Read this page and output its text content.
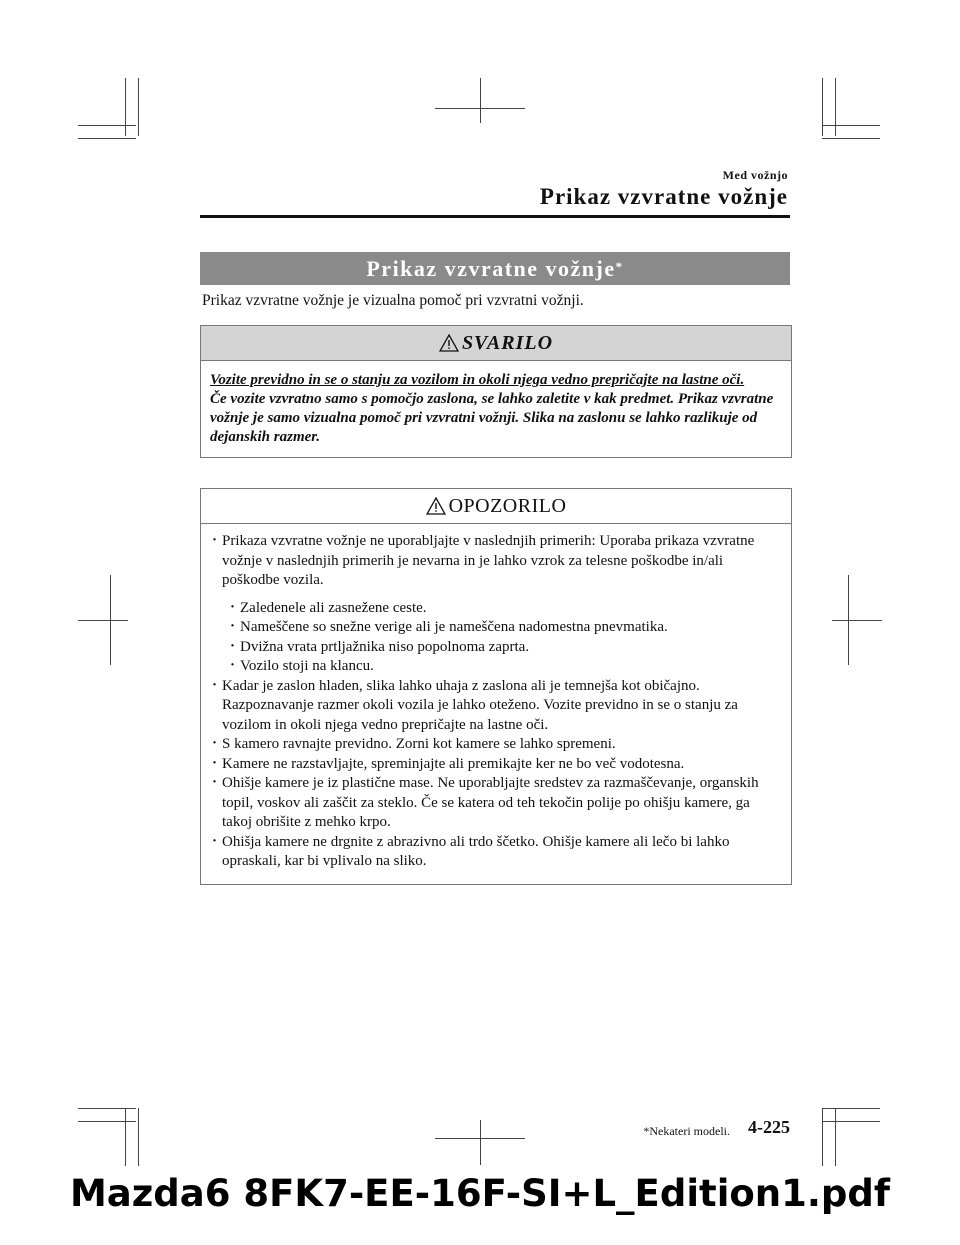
Med vožnjo
Prikaz vzvratne vožnje
Prikaz vzvratne vožnje*
Prikaz vzvratne vožnje je vizualna pomoč pri vzvratni vožnji.
SVARILO

Vozite previdno in se o stanju za vozilom in okoli njega vedno prepričajte na lastne oči.

Če vozite vzvratno samo s pomočjo zaslona, se lahko zaletite v kak predmet. Prikaz vzvratne vožnje je samo vizualna pomoč pri vzvratni vožnji. Slika na zaslonu se lahko razlikuje od dejanskih razmer.

OPOZORILO

· Prikaza vzvratne vožnje ne uporabljajte v naslednjih primerih: Uporaba prikaza vzvratne vožnje v naslednjih primerih je nevarna in je lahko vzrok za telesne poškodbe in/ali poškodbe vozila.

· Zaledenele ali zasnežene ceste.

· Nameščene so snežne verige ali je nameščena nadomestna pnevmatika.

· Dvižna vrata prtljažnika niso popolnoma zaprta.

· Vozilo stoji na klancu.

· Kadar je zaslon hladen, slika lahko uhaja z zaslona ali je temnejša kot običajno. Razpoznavanje razmer okoli vozila je lahko oteženo. Vozite previdno in se o stanju za vozilom in okoli njega vedno prepričajte na lastne oči.

· S kamero ravnajte previdno. Zorni kot kamere se lahko spremeni.

· Kamere ne razstavljajte, spreminjajte ali premikajte ker ne bo več vodotesna.

· Ohišje kamere je iz plastične mase. Ne uporabljajte sredstev za razmaščevanje, organskih topil, voskov ali zaščit za steklo. Če se katera od teh tekočin polije po ohišju kamere, ga takoj obrišite z mehko krpo.

· Ohišja kamere ne drgnite z abrazivno ali trdo ščetko. Ohišje kamere ali lečo bi lahko opraskali, kar bi vplivalo na sliko.

*Nekateri modeli. 4-225
Mazda6 8FK7-EE-16F-SI+L_Edition1.pdf
